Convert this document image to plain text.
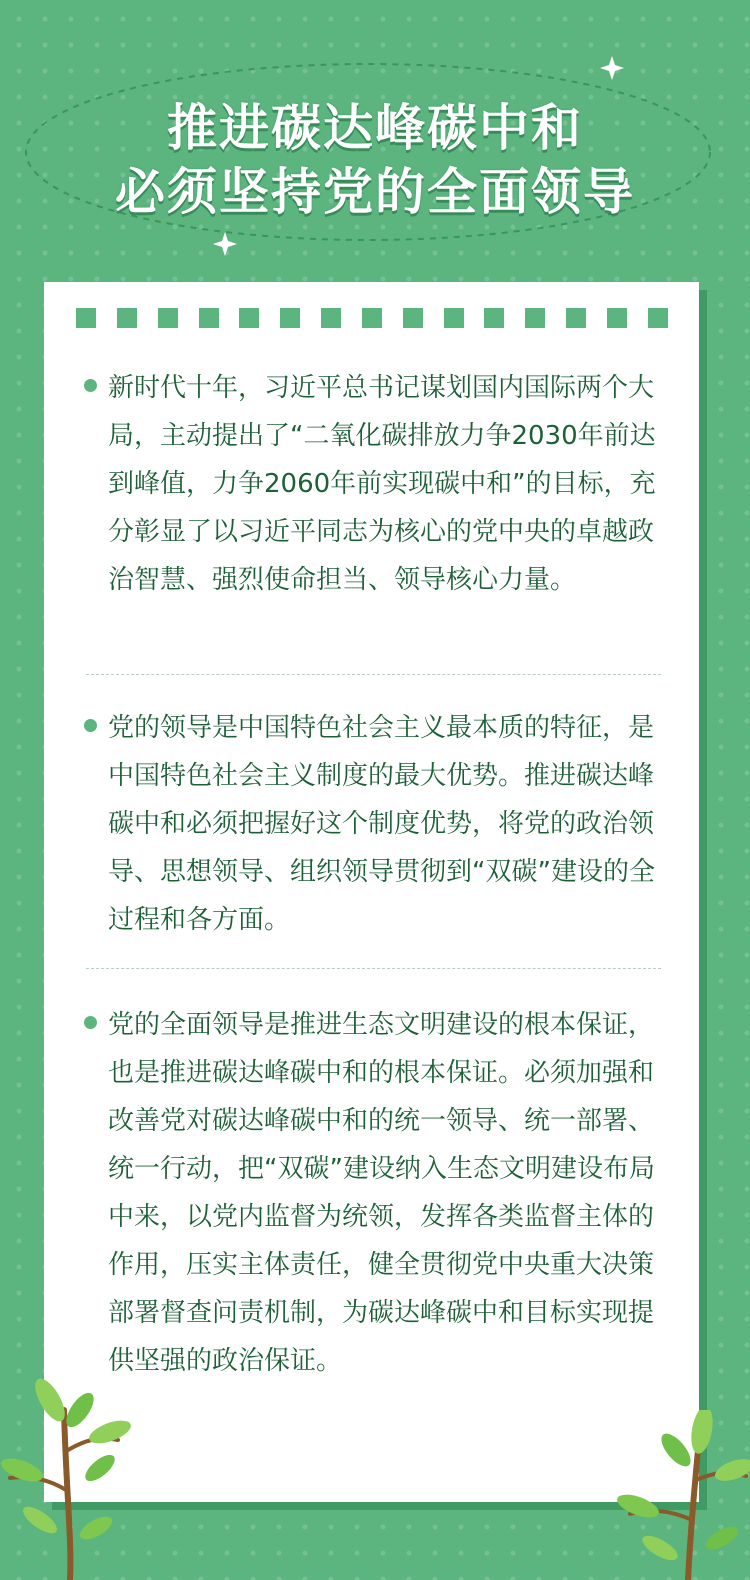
推进碳达峰碳中和
必须坚持党的全面领导

新时代十年，习近平总书记谋划国内国际两个大局，主动提出了“二氧化碳排放力争2030年前达到峰值，力争2060年前实现碳中和”的目标，充分彰显了以习近平同志为核心的党中央的卓越政治智慧、强烈使命担当、领导核心力量。

党的领导是中国特色社会主义最本质的特征，是中国特色社会主义制度的最大优势。推进碳达峰碳中和必须把握好这个制度优势，将党的政治领导、思想领导、组织领导贯彻到“双碳”建设的全过程和各方面。

党的全面领导是推进生态文明建设的根本保证，也是推进碳达峰碳中和的根本保证。必须加强和改善党对碳达峰碳中和的统一领导、统一部署、统一行动，把“双碳”建设纳入生态文明建设布局中来，以党内监督为统领，发挥各类监督主体的作用，压实主体责任，健全贯彻党中央重大决策部署督查问责机制，为碳达峰碳中和目标实现提供坚强的政治保证。
